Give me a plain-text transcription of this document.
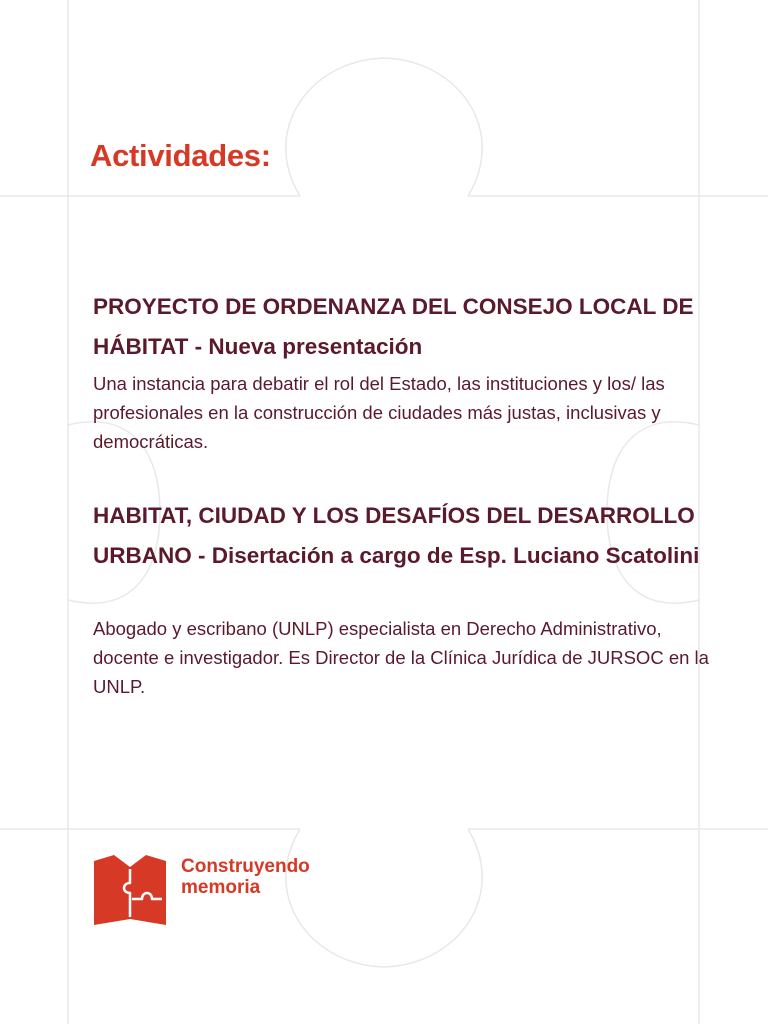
Actividades:
PROYECTO DE ORDENANZA DEL CONSEJO LOCAL DE HÁBITAT - Nueva presentación

Una instancia para debatir el rol del Estado, las instituciones y los/ las profesionales en la construcción de ciudades más justas, inclusivas y democráticas.

HABITAT, CIUDAD Y LOS DESAFÍOS DEL DESARROLLO URBANO - Disertación a cargo de Esp. Luciano Scatolini

Abogado y escribano (UNLP) especialista en Derecho Administrativo, docente e investigador. Es Director de la Clínica Jurídica de JURSOC en la UNLP.

Construyendo
memoria
